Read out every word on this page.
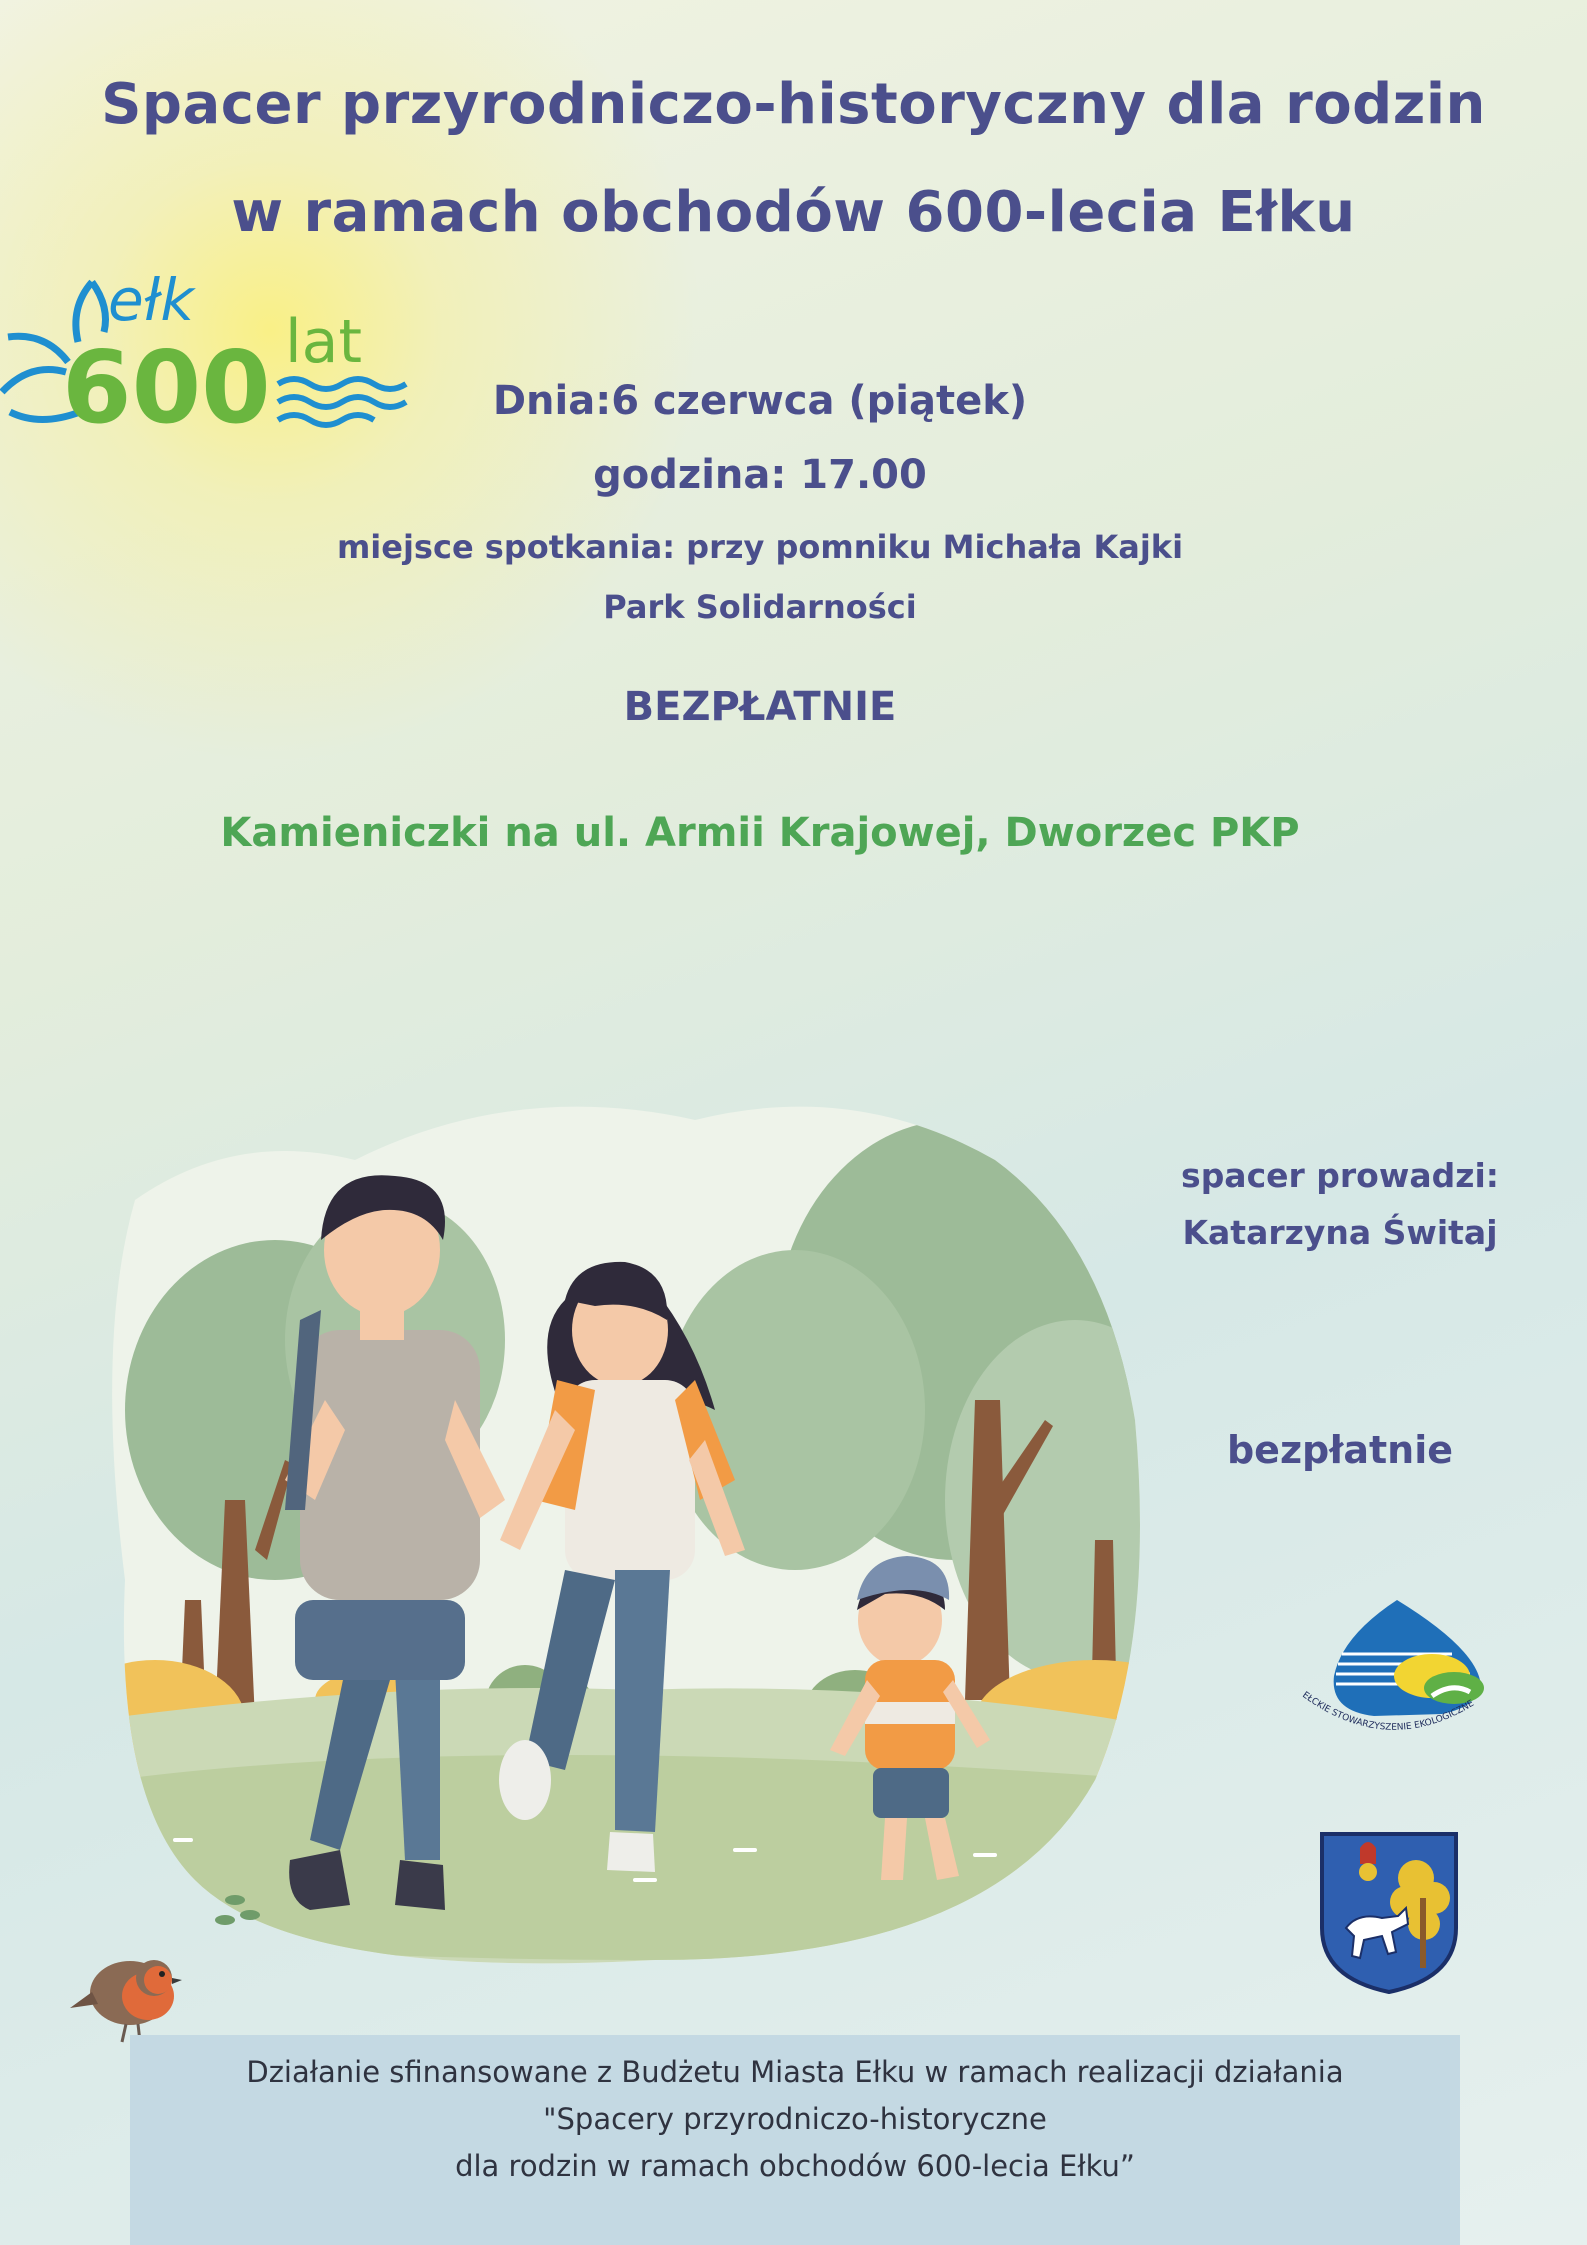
Spacer przyrodniczo-historyczny dla rodzin
w ramach obchodów 600-lecia Ełku
ełk
600 lat
Dnia:6 czerwca (piątek)
godzina: 17.00
miejsce spotkania: przy pomniku Michała Kajki
Park Solidarności
BEZPŁATNIE
Kamieniczki na ul. Armii Krajowej, Dworzec PKP
spacer prowadzi:
Katarzyna Świtaj
bezpłatnie
EŁCKIE STOWARZYSZENIE EKOLOGICZNE
Działanie sfinansowane z Budżetu Miasta Ełku w ramach realizacji działania
"Spacery przyrodniczo-historyczne
dla rodzin w ramach obchodów 600-lecia Ełku”
